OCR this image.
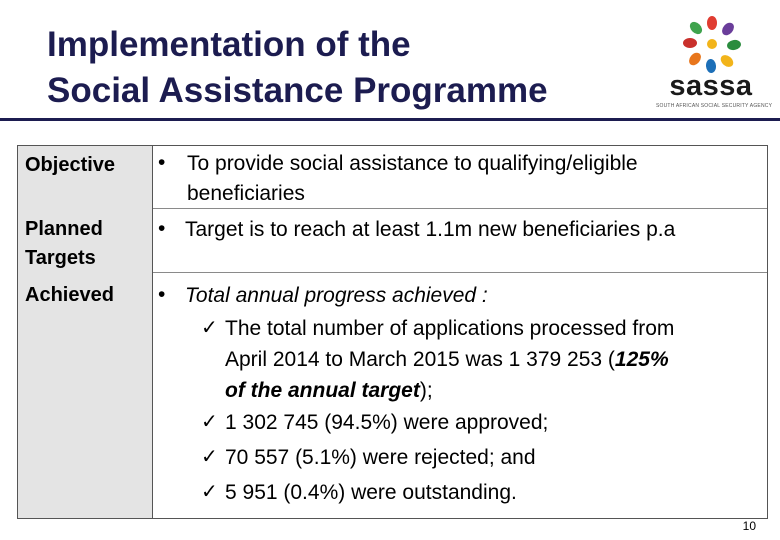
Implementation of the
Social Assistance Programme	sassa
SOUTH AFRICAN SOCIAL SECURITY AGENCY
Objective • To provide social assistance to qualifying/eligible
beneficiaries
Planned
Targets
• Target is to reach at least 1.1m new beneficiaries p.a
Achieved • Total annual progress achieved :
✓ The total number of applications processed from
April 2014 to March 2015 was 1 379 253 (125%
of the annual target);
✓ 1 302 745 (94.5%) were approved;
✓ 70 557 (5.1%) were rejected; and
✓ 5 951 (0.4%) were outstanding.
10
